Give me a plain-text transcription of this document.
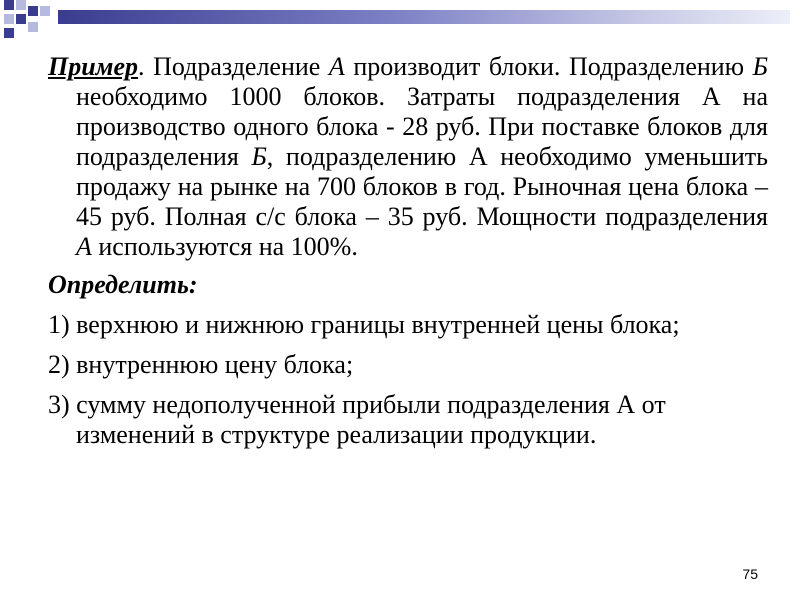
Пример. Подразделение А производит блоки. Подразделению Б необходимо 1000 блоков. Затраты подразделения А на производство одного блока - 28 руб. При поставке блоков для подразделения Б, подразделению А необходимо уменьшить продажу на рынке на 700 блоков в год. Рыночная цена блока – 45 руб. Полная с/с блока – 35 руб. Мощности подразделения А используются на 100%.

Определить:

1) верхнюю и нижнюю границы внутренней цены блока;

2) внутреннюю цену блока;

3) сумму недополученной прибыли подразделения А от изменений в структуре реализации продукции.

75
